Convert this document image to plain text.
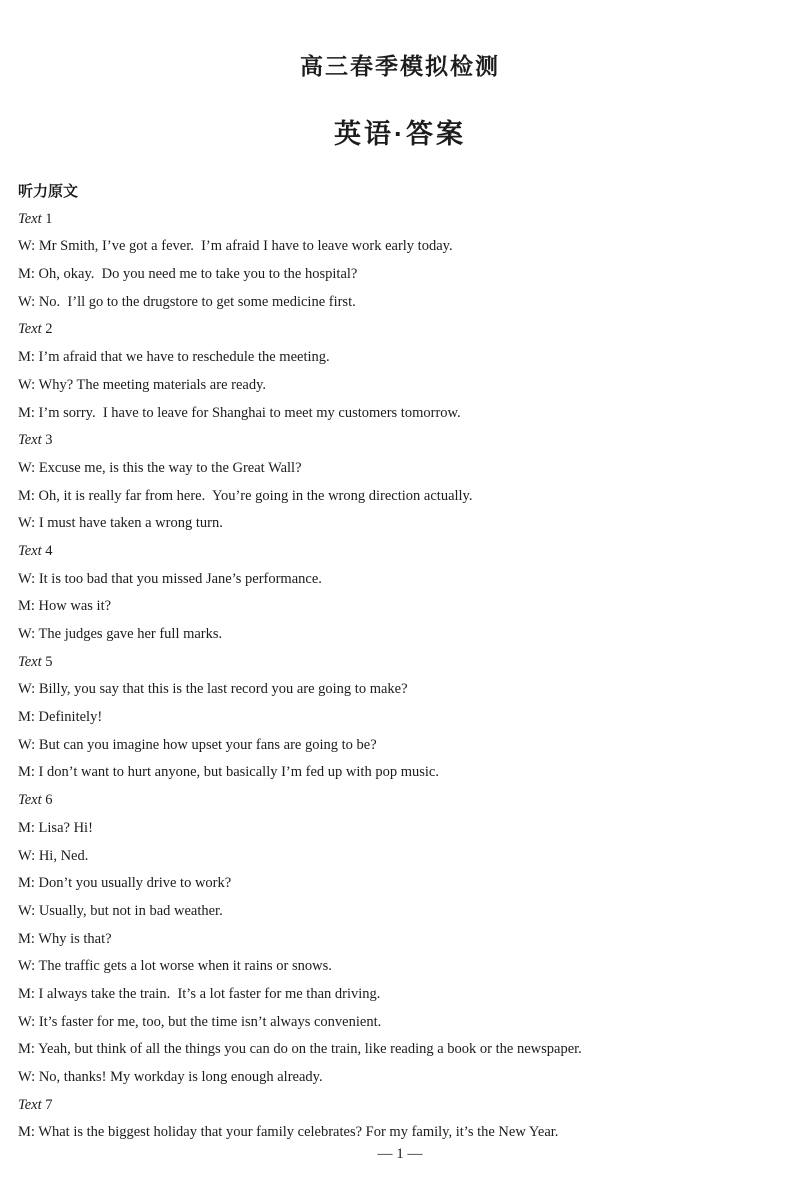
高三春季模拟检测
英语·答案
听力原文
Text 1
W: Mr Smith, I’ve got a fever.  I’m afraid I have to leave work early today.
M: Oh, okay.  Do you need me to take you to the hospital?
W: No.  I’ll go to the drugstore to get some medicine first.
Text 2
M: I’m afraid that we have to reschedule the meeting.
W: Why? The meeting materials are ready.
M: I’m sorry.  I have to leave for Shanghai to meet my customers tomorrow.
Text 3
W: Excuse me, is this the way to the Great Wall?
M: Oh, it is really far from here.  You’re going in the wrong direction actually.
W: I must have taken a wrong turn.
Text 4
W: It is too bad that you missed Jane’s performance.
M: How was it?
W: The judges gave her full marks.
Text 5
W: Billy, you say that this is the last record you are going to make?
M: Definitely!
W: But can you imagine how upset your fans are going to be?
M: I don’t want to hurt anyone, but basically I’m fed up with pop music.
Text 6
M: Lisa? Hi!
W: Hi, Ned.
M: Don’t you usually drive to work?
W: Usually, but not in bad weather.
M: Why is that?
W: The traffic gets a lot worse when it rains or snows.
M: I always take the train.  It’s a lot faster for me than driving.
W: It’s faster for me, too, but the time isn’t always convenient.
M: Yeah, but think of all the things you can do on the train, like reading a book or the newspaper.
W: No, thanks! My workday is long enough already.
Text 7
M: What is the biggest holiday that your family celebrates? For my family, it’s the New Year.
— 1 —
